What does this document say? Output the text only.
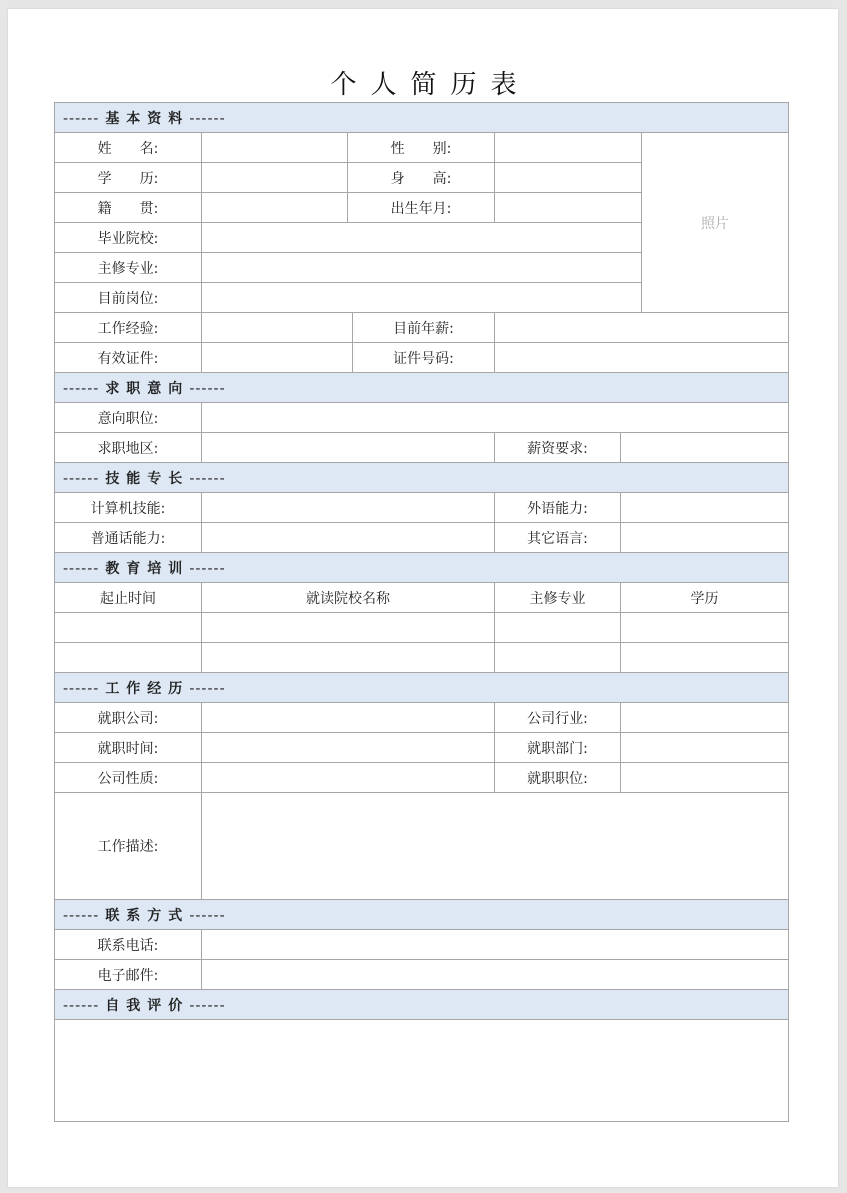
个人简历表
------ 基本资料------						
姓　　名:		性　　别:				照片
学　　历:		身　　高:				
籍　　贯:		出生年月:				
毕业院校:						
主修专业:						
目前岗位:						
工作经验:			目前年薪:			
有效证件:			证件号码:			
------ 求职意向------						
意向职位:						
求职地区:				薪资要求:		
------ 技能专长------						
计算机技能:				外语能力:		
普通话能力:				其它语言:		
------ 教育培训------						
起止时间	就读院校名称			主修专业	学历	

------ 工作经历------						
就职公司:				公司行业:		
就职时间:				就职部门:		
公司性质:				就职职位:		
工作描述:						
------ 联系方式------						
联系电话:						
电子邮件:						
------ 自我评价------						
